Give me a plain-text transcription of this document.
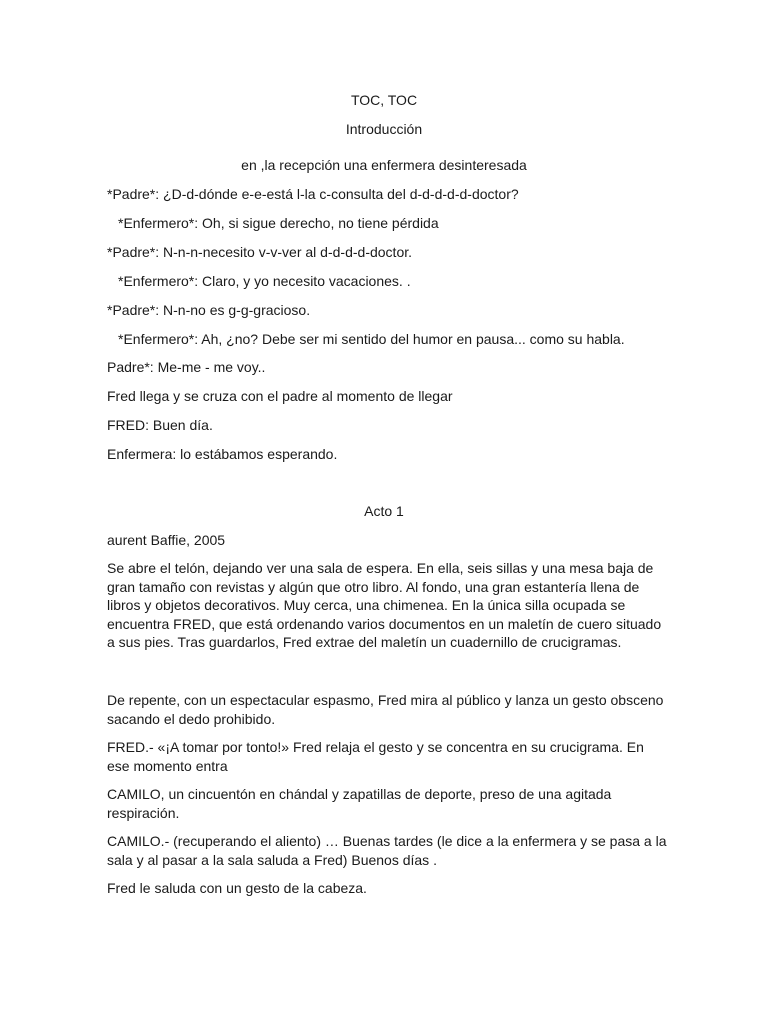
TOC, TOC
Introducción
en ,la recepción una enfermera desinteresada
*Padre*: ¿D-d-dónde e-e-está l-la c-consulta del d-d-d-d-d-doctor?
*Enfermero*: Oh, si sigue derecho, no tiene pérdida
*Padre*: N-n-n-necesito v-v-ver al d-d-d-d-doctor.
*Enfermero*: Claro, y yo necesito vacaciones. .
*Padre*: N-n-no es g-g-gracioso.
*Enfermero*: Ah, ¿no? Debe ser mi sentido del humor en pausa... como su habla.
Padre*: Me-me - me voy..
Fred llega y se cruza con el padre al momento de llegar
FRED: Buen día.
Enfermera: lo estábamos esperando.
Acto 1
aurent Baffie, 2005
Se abre el telón, dejando ver una sala de espera. En ella, seis sillas y una mesa baja de gran tamaño con revistas y algún que otro libro. Al fondo, una gran estantería llena de libros y objetos decorativos. Muy cerca, una chimenea. En la única silla ocupada se encuentra FRED, que está ordenando varios documentos en un maletín de cuero situado a sus pies. Tras guardarlos, Fred extrae del maletín un cuadernillo de crucigramas.
De repente, con un espectacular espasmo, Fred mira al público y lanza un gesto obsceno sacando el dedo prohibido.
FRED.- «¡A tomar por tonto!» Fred relaja el gesto y se concentra en su crucigrama. En ese momento entra
CAMILO, un cincuentón en chándal y zapatillas de deporte, preso de una agitada respiración.
CAMILO.- (recuperando el aliento) … Buenas tardes (le dice a la enfermera y se pasa a la sala y al pasar a la sala saluda a Fred) Buenos días .
Fred le saluda con un gesto de la cabeza.
